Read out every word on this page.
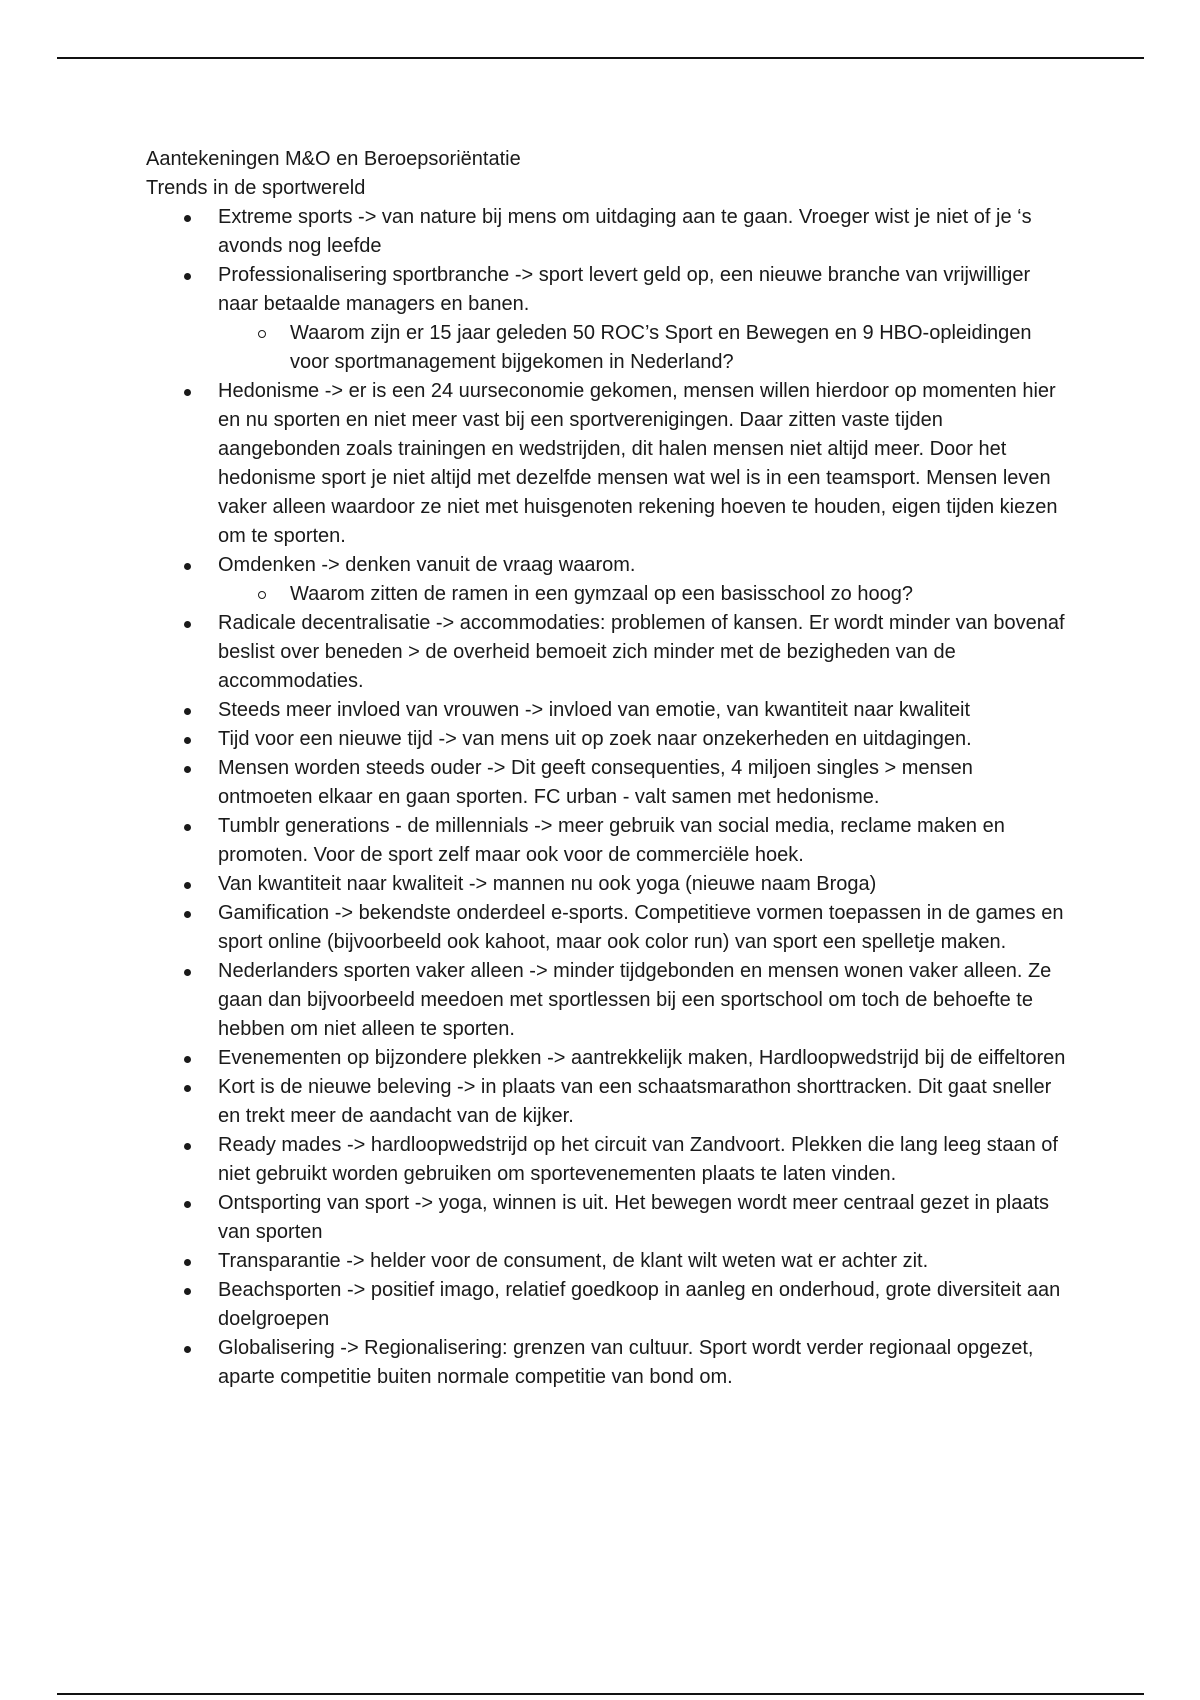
Aantekeningen M&O en Beroepsoriëntatie

Trends in de sportwereld

Extreme sports -> van nature bij mens om uitdaging aan te gaan. Vroeger wist je niet of je ‘s avonds nog leefde
Professionalisering sportbranche -> sport levert geld op, een nieuwe branche van vrijwilliger naar betaalde managers en banen.
Waarom zijn er 15 jaar geleden 50 ROC’s Sport en Bewegen en 9 HBO-opleidingen voor sportmanagement bijgekomen in Nederland?
Hedonisme -> er is een 24 uurseconomie gekomen, mensen willen hierdoor op momenten hier en nu sporten en niet meer vast bij een sportverenigingen. Daar zitten vaste tijden aangebonden zoals trainingen en wedstrijden, dit halen mensen niet altijd meer. Door het hedonisme sport je niet altijd met dezelfde mensen wat wel is in een teamsport. Mensen leven vaker alleen waardoor ze niet met huisgenoten rekening hoeven te houden, eigen tijden kiezen om te sporten.
Omdenken -> denken vanuit de vraag waarom.
Waarom zitten de ramen in een gymzaal op een basisschool zo hoog?
Radicale decentralisatie -> accommodaties: problemen of kansen. Er wordt minder van bovenaf beslist over beneden > de overheid bemoeit zich minder met de bezigheden van de accommodaties.
Steeds meer invloed van vrouwen -> invloed van emotie, van kwantiteit naar kwaliteit
Tijd voor een nieuwe tijd -> van mens uit op zoek naar onzekerheden en uitdagingen.
Mensen worden steeds ouder -> Dit geeft consequenties, 4 miljoen singles > mensen ontmoeten elkaar en gaan sporten. FC urban - valt samen met hedonisme.
Tumblr generations - de millennials -> meer gebruik van social media, reclame maken en promoten. Voor de sport zelf maar ook voor de commerciële hoek.
Van kwantiteit naar kwaliteit -> mannen nu ook yoga (nieuwe naam Broga)
Gamification -> bekendste onderdeel e-sports. Competitieve vormen toepassen in de games en sport online (bijvoorbeeld ook kahoot, maar ook color run) van sport een spelletje maken.
Nederlanders sporten vaker alleen -> minder tijdgebonden en mensen wonen vaker alleen. Ze gaan dan bijvoorbeeld meedoen met sportlessen bij een sportschool om toch de behoefte te hebben om niet alleen te sporten.
Evenementen op bijzondere plekken -> aantrekkelijk maken, Hardloopwedstrijd bij de eiffeltoren
Kort is de nieuwe beleving -> in plaats van een schaatsmarathon shorttracken. Dit gaat sneller en trekt meer de aandacht van de kijker.
Ready mades -> hardloopwedstrijd op het circuit van Zandvoort. Plekken die lang leeg staan of niet gebruikt worden gebruiken om sportevenementen plaats te laten vinden.
Ontsporting van sport -> yoga, winnen is uit. Het bewegen wordt meer centraal gezet in plaats van sporten
Transparantie -> helder voor de consument, de klant wilt weten wat er achter zit.
Beachsporten -> positief imago, relatief goedkoop in aanleg en onderhoud, grote diversiteit aan doelgroepen
Globalisering -> Regionalisering: grenzen van cultuur. Sport wordt verder regionaal opgezet, aparte competitie buiten normale competitie van bond om.
